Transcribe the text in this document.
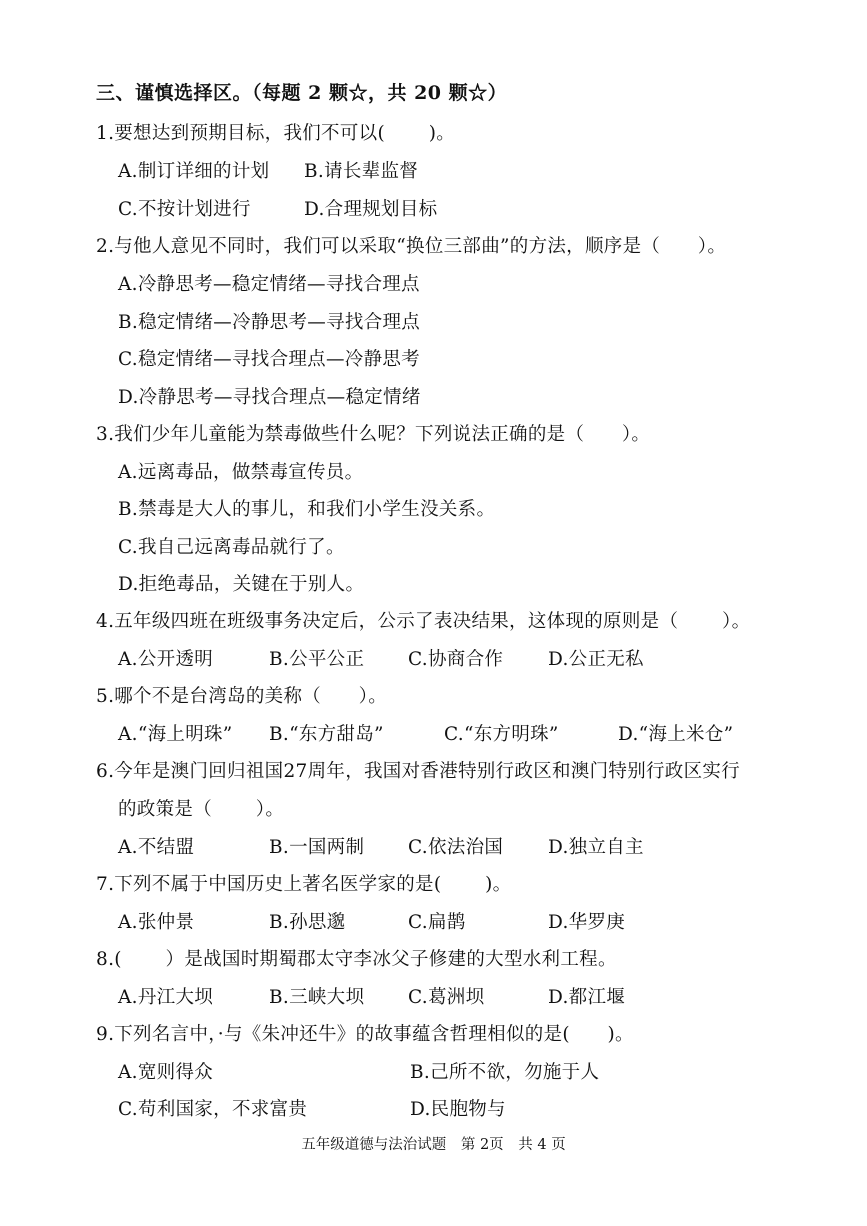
三、谨慎选择区。（每题 2 颗☆，共 20 颗☆）
1.要想达到预期目标，我们不可以(　　 )。
A.制订详细的计划 B.请长辈监督
C.不按计划进行	D.合理规划目标
2.与他人意见不同时，我们可以采取“换位三部曲”的方法，顺序是（　　）。
A.冷静思考—稳定情绪—寻找合理点
B.稳定情绪—冷静思考—寻找合理点
C.稳定情绪—寻找合理点—冷静思考
D.冷静思考—寻找合理点—稳定情绪
3.我们少年儿童能为禁毒做些什么呢？下列说法正确的是（　　）。
A.远离毒品，做禁毒宣传员。
B.禁毒是大人的事儿，和我们小学生没关系。
C.我自己远离毒品就行了。
D.拒绝毒品，关键在于别人。
4.五年级四班在班级事务决定后，公示了表决结果，这体现的原则是（　　 ）。
A.公开透明	B.公平公正 C.协商合作 D.公正无私
5.哪个不是台湾岛的美称（　　）。
A.“海上明珠” B.“东方甜岛”	C.“东方明珠”	D.“海上米仓”
6.今年是澳门回归祖国27周年，我国对香港特别行政区和澳门特别行政区实行
的政策是（　　 ）。
A.不结盟	B.一国两制 C.依法治国 D.独立自主
7.下列不属于中国历史上著名医学家的是(　　 )。
A.张仲景	B.孙思邈	C.扁鹊	D.华罗庚
8.(　　 ）是战国时期蜀郡太守李冰父子修建的大型水利工程。
A.丹江大坝	B.三峡大坝 C.葛洲坝	D.都江堰
9.下列名言中，·与《朱冲还牛》的故事蕴含哲理相似的是(　　)。
A.宽则得众	B.己所不欲，勿施于人
C.苟利国家，不求富贵	D.民胞物与
五年级道德与法治试题 第 2页 共 4 页
